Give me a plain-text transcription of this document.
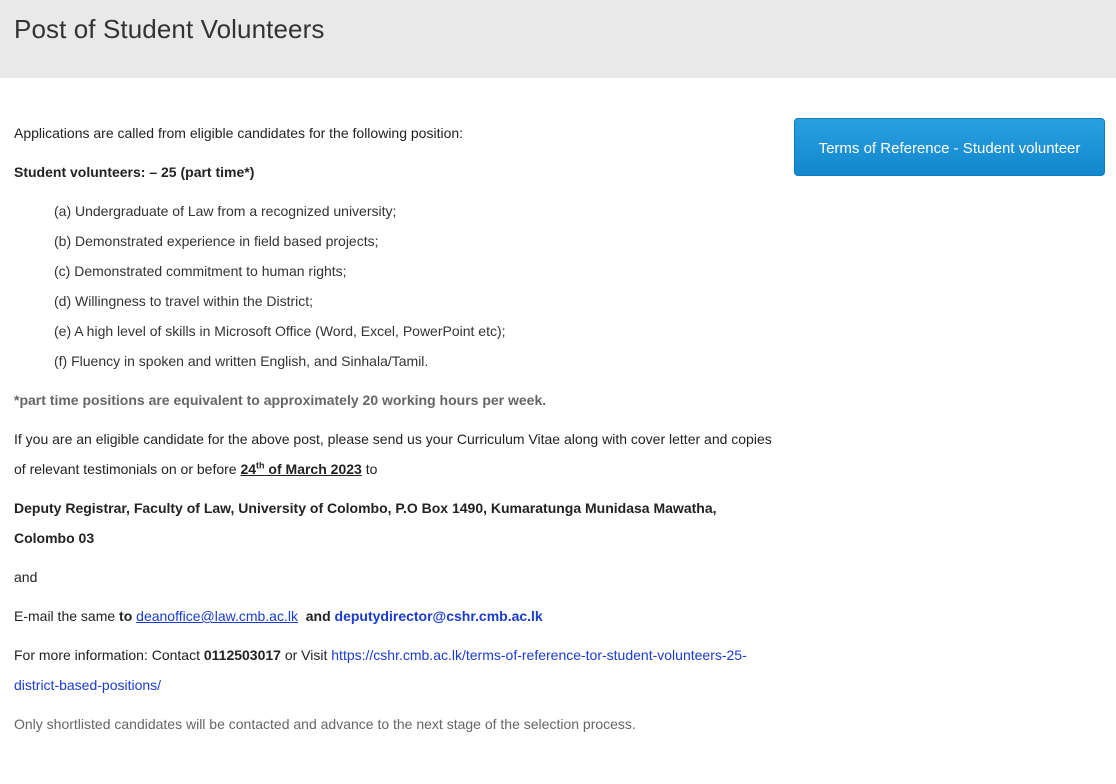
Post of Student Volunteers

Applications are called from eligible candidates for the following position:

Student volunteers: – 25 (part time*)

(a) Undergraduate of Law from a recognized university;
(b) Demonstrated experience in field based projects;
(c) Demonstrated commitment to human rights;
(d) Willingness to travel within the District;
(e) A high level of skills in Microsoft Office (Word, Excel, PowerPoint etc);
(f) Fluency in spoken and written English, and Sinhala/Tamil.

*part time positions are equivalent to approximately 20 working hours per week.

If you are an eligible candidate for the above post, please send us your Curriculum Vitae along with cover letter and copies of relevant testimonials on or before 24th of March 2023 to

Deputy Registrar, Faculty of Law, University of Colombo, P.O Box 1490, Kumaratunga Munidasa Mawatha, Colombo 03

and

E-mail the same to deanoffice@law.cmb.ac.lk  and deputydirector@cshr.cmb.ac.lk

For more information: Contact 0112503017 or Visit https://cshr.cmb.ac.lk/terms-of-reference-tor-student-volunteers-25-district-based-positions/

Only shortlisted candidates will be contacted and advance to the next stage of the selection process.

Terms of Reference - Student volunteer
